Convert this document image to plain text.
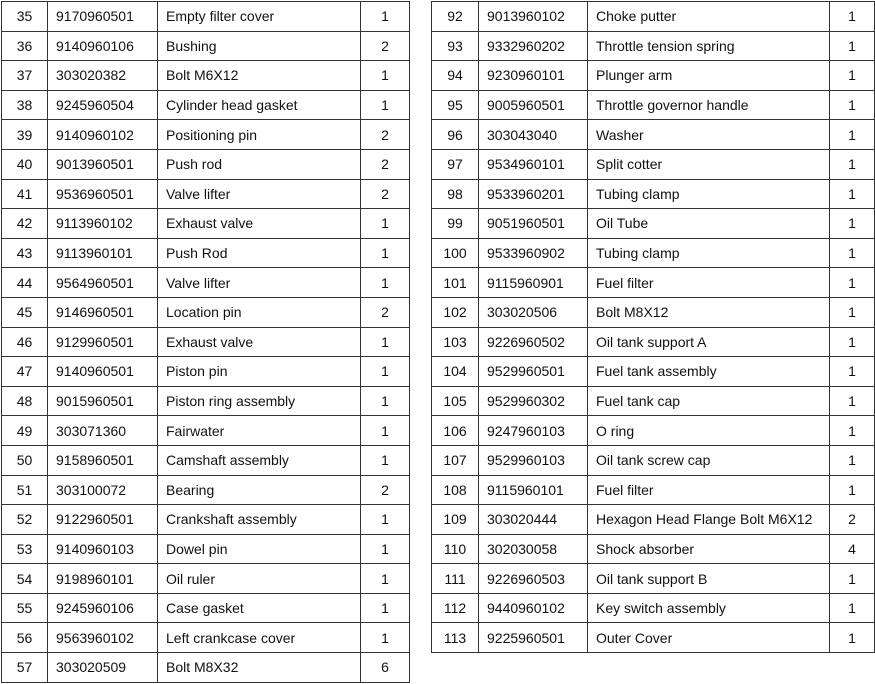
35	9170960501	Empty filter cover	1
36	9140960106	Bushing	2
37	303020382	Bolt M6X12	1
38	9245960504	Cylinder head gasket	1
39	9140960102	Positioning pin	2
40	9013960501	Push rod	2
41	9536960501	Valve lifter	2
42	9113960102	Exhaust valve	1
43	9113960101	Push Rod	1
44	9564960501	Valve lifter	1
45	9146960501	Location pin	2
46	9129960501	Exhaust valve	1
47	9140960501	Piston pin	1
48	9015960501	Piston ring assembly	1
49	303071360	Fairwater	1
50	9158960501	Camshaft assembly	1
51	303100072	Bearing	2
52	9122960501	Crankshaft assembly	1
53	9140960103	Dowel pin	1
54	9198960101	Oil ruler	1
55	9245960106	Case gasket	1
56	9563960102	Left crankcase cover	1
57	303020509	Bolt M8X32	6
92	9013960102	Choke putter	1
93	9332960202	Throttle tension spring	1
94	9230960101	Plunger arm	1
95	9005960501	Throttle governor handle	1
96	303043040	Washer	1
97	9534960101	Split cotter	1
98	9533960201	Tubing clamp	1
99	9051960501	Oil Tube	1
100	9533960902	Tubing clamp	1
101	9115960901	Fuel filter	1
102	303020506	Bolt M8X12	1
103	9226960502	Oil tank support A	1
104	9529960501	Fuel tank assembly	1
105	9529960302	Fuel tank cap	1
106	9247960103	O ring	1
107	9529960103	Oil tank screw cap	1
108	9115960101	Fuel filter	1
109	303020444	Hexagon Head Flange Bolt M6X12	2
110	302030058	Shock absorber	4
111	9226960503	Oil tank support B	1
112	9440960102	Key switch assembly	1
113	9225960501	Outer Cover	1
